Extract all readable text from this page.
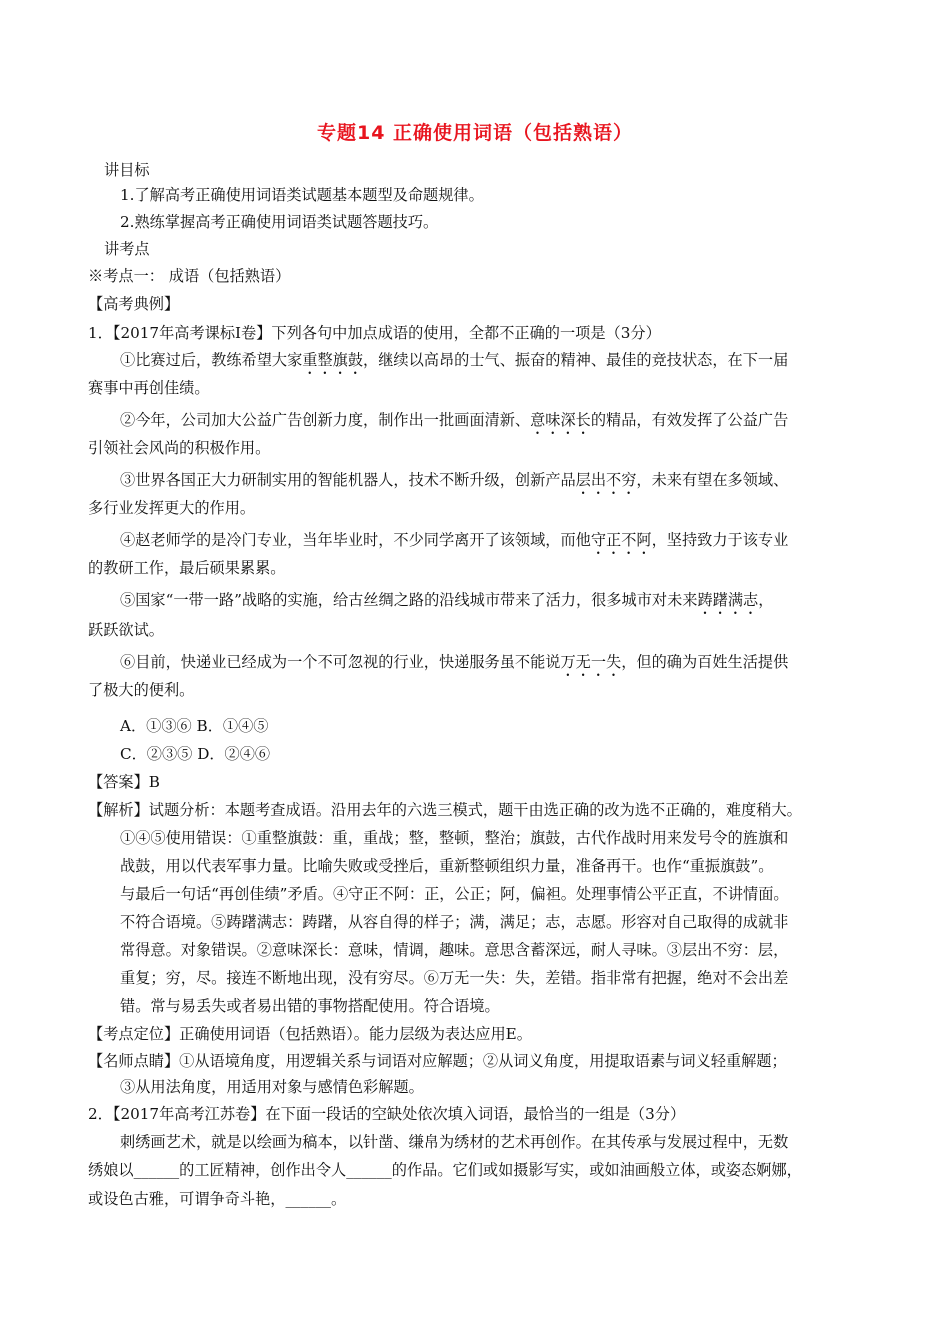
专题14 正确使用词语（包括熟语）
讲目标
1.了解高考正确使用词语类试题基本题型及命题规律。
2.熟练掌握高考正确使用词语类试题答题技巧。
讲考点
※考点一： 成语（包括熟语）
【高考典例】
1．【2017年高考课标Ⅰ卷】下列各句中加点成语的使用，全都不正确的一项是（3分）
①比赛过后，教练希望大家重整旗鼓，继续以高昂的士气、振奋的精神、最佳的竞技状态，在下一届
赛事中再创佳绩。
②今年，公司加大公益广告创新力度，制作出一批画面清新、意味深长的精品，有效发挥了公益广告
引领社会风尚的积极作用。
③世界各国正大力研制实用的智能机器人，技术不断升级，创新产品层出不穷，未来有望在多领域、
多行业发挥更大的作用。
④赵老师学的是冷门专业，当年毕业时，不少同学离开了该领域，而他守正不阿，坚持致力于该专业
的教研工作，最后硕果累累。
⑤国家“一带一路”战略的实施，给古丝绸之路的沿线城市带来了活力，很多城市对未来踌躇满志，
跃跃欲试。
⑥目前，快递业已经成为一个不可忽视的行业，快递服务虽不能说万无一失，但的确为百姓生活提供
了极大的便利。
A．①③⑥ B．①④⑤
C．②③⑤ D．②④⑥
【答案】B
【解析】试题分析：本题考查成语。沿用去年的六选三模式，题干由选正确的改为选不正确的，难度稍大。
①④⑤使用错误：①重整旗鼓：重，重战；整，整顿，整治；旗鼓，古代作战时用来发号令的旌旗和
战鼓，用以代表军事力量。比喻失败或受挫后，重新整顿组织力量，准备再干。也作“重振旗鼓”。
与最后一句话“再创佳绩”矛盾。④守正不阿：正，公正；阿，偏袒。处理事情公平正直，不讲情面。
不符合语境。⑤踌躇满志：踌躇，从容自得的样子；满，满足；志，志愿。形容对自己取得的成就非
常得意。对象错误。②意味深长：意味，情调，趣味。意思含蓄深远，耐人寻味。③层出不穷：层，
重复；穷，尽。接连不断地出现，没有穷尽。⑥万无一失：失，差错。指非常有把握，绝对不会出差
错。常与易丢失或者易出错的事物搭配使用。符合语境。
【考点定位】正确使用词语（包括熟语）。能力层级为表达应用E。
【名师点睛】①从语境角度，用逻辑关系与词语对应解题；②从词义角度，用提取语素与词义轻重解题；
③从用法角度，用适用对象与感情色彩解题。
2．【2017年高考江苏卷】在下面一段话的空缺处依次填入词语，最恰当的一组是（3分）
刺绣画艺术，就是以绘画为稿本，以针凿、缣帛为绣材的艺术再创作。在其传承与发展过程中，无数
绣娘以______的工匠精神，创作出令人______的作品。它们或如摄影写实，或如油画般立体，或姿态婀娜，
或设色古雅，可谓争奇斗艳，______。
